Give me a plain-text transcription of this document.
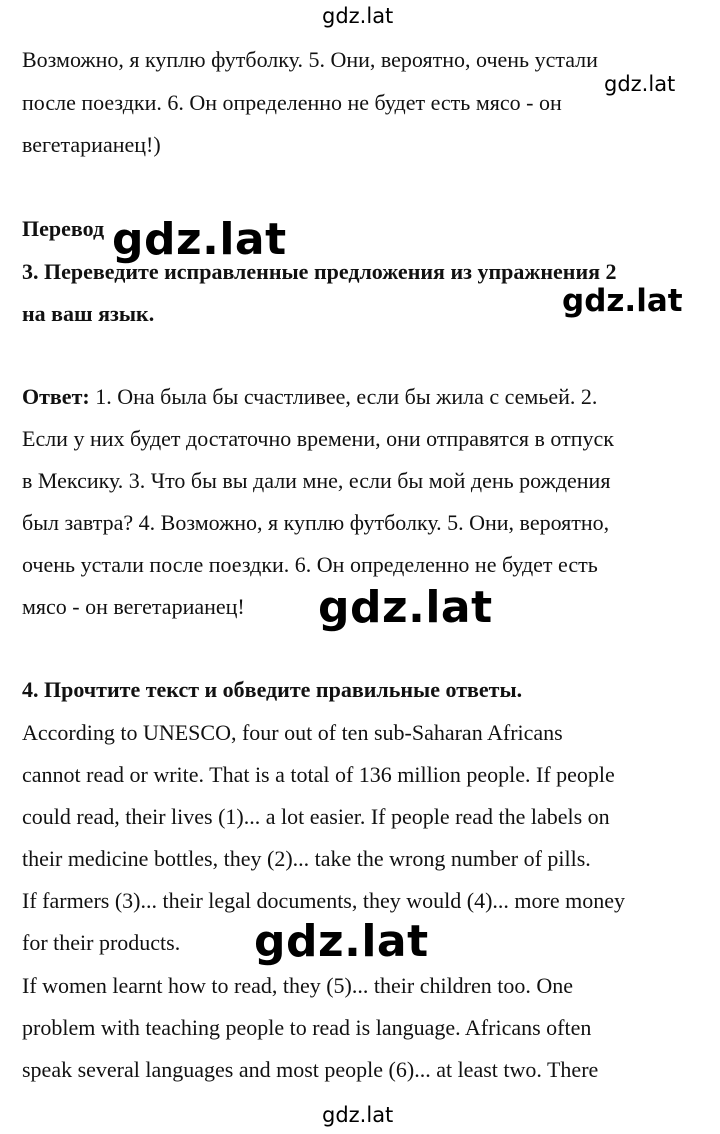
gdz.lat
gdz.lat
Возможно, я куплю футболку. 5. Они, вероятно, очень устали
после поездки. 6. Он определенно не будет есть мясо - он
вегетарианец!)
Перевод gdz.lat
3. Переведите исправленные предложения из упражнения 2
gdz.lat
на ваш язык.
Ответ: 1. Она была бы счастливее, если бы жила с семьей. 2.
Если у них будет достаточно времени, они отправятся в отпуск
в Мексику. 3. Что бы вы дали мне, если бы мой день рождения
был завтра? 4. Возможно, я куплю футболку. 5. Они, вероятно,
очень устали после поездки. 6. Он определенно не будет есть
мясо - он вегетарианец!	gdz.lat
4. Прочтите текст и обведите правильные ответы.
According to UNESCO, four out of ten sub-Saharan Africans
cannot read or write. That is a total of 136 million people. If people
could read, their lives (1)... a lot easier. If people read the labels on
their medicine bottles, they (2)... take the wrong number of pills.
If farmers (3)... their legal documents, they would (4)... more money
for their products.	gdz.lat
If women learnt how to read, they (5)... their children too. One
problem with teaching people to read is language. Africans often
speak several languages and most people (6)... at least two. There
gdz.lat
